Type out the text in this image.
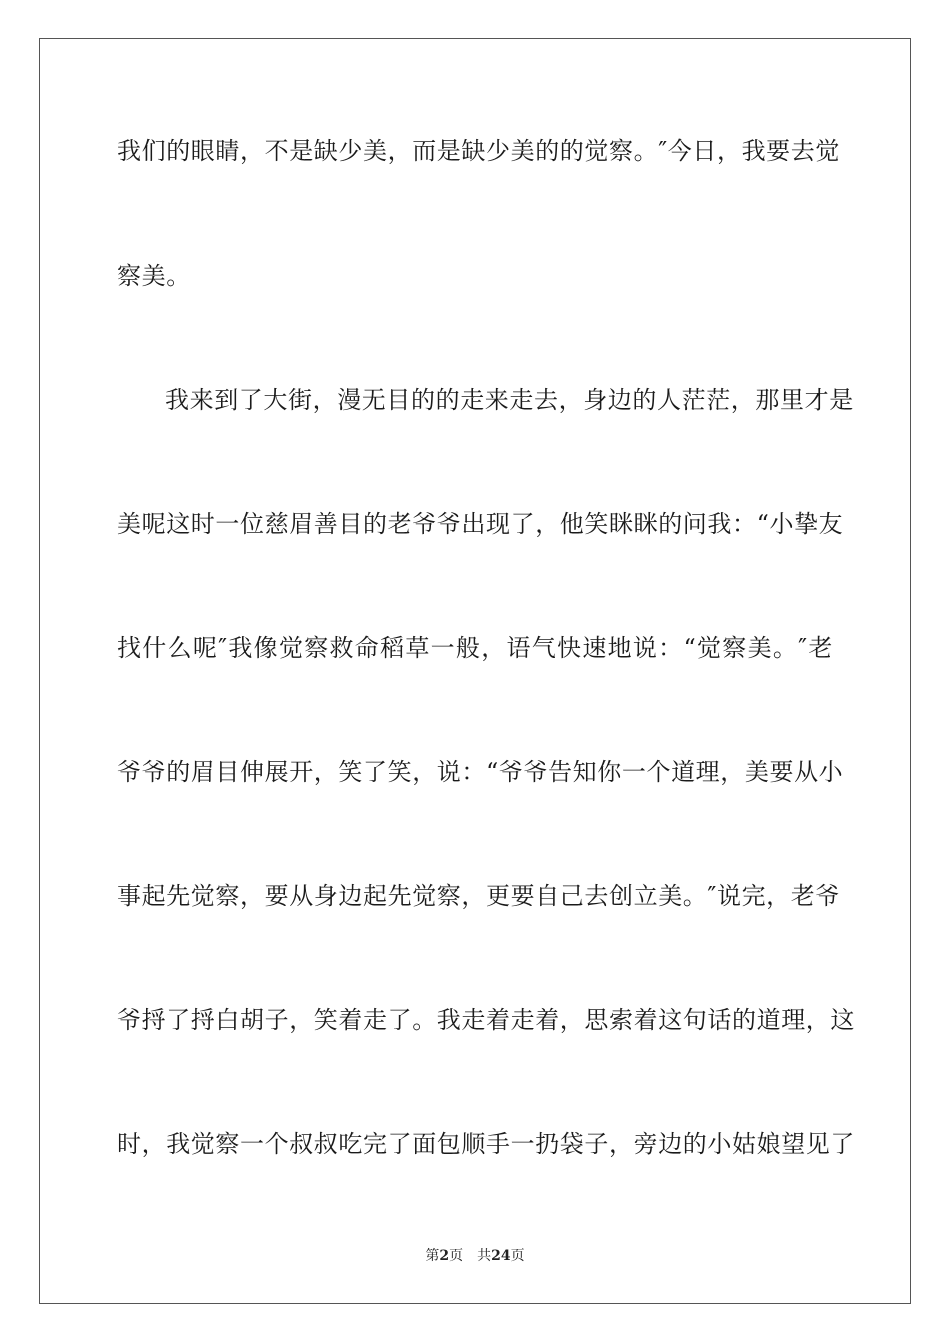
我们的眼睛，不是缺少美，而是缺少美的的觉察。″今日，我要去觉
察美。
我来到了大街，漫无目的的走来走去，身边的人茫茫，那里才是
美呢这时一位慈眉善目的老爷爷出现了，他笑眯眯的问我：“小挚友
找什么呢″我像觉察救命稻草一般，语气快速地说：“觉察美。″老
爷爷的眉目伸展开，笑了笑，说：“爷爷告知你一个道理，美要从小
事起先觉察，要从身边起先觉察，更要自己去创立美。″说完，老爷
爷捋了捋白胡子，笑着走了。我走着走着，思索着这句话的道理，这
时，我觉察一个叔叔吃完了面包顺手一扔袋子，旁边的小姑娘望见了
第2页 共24页
